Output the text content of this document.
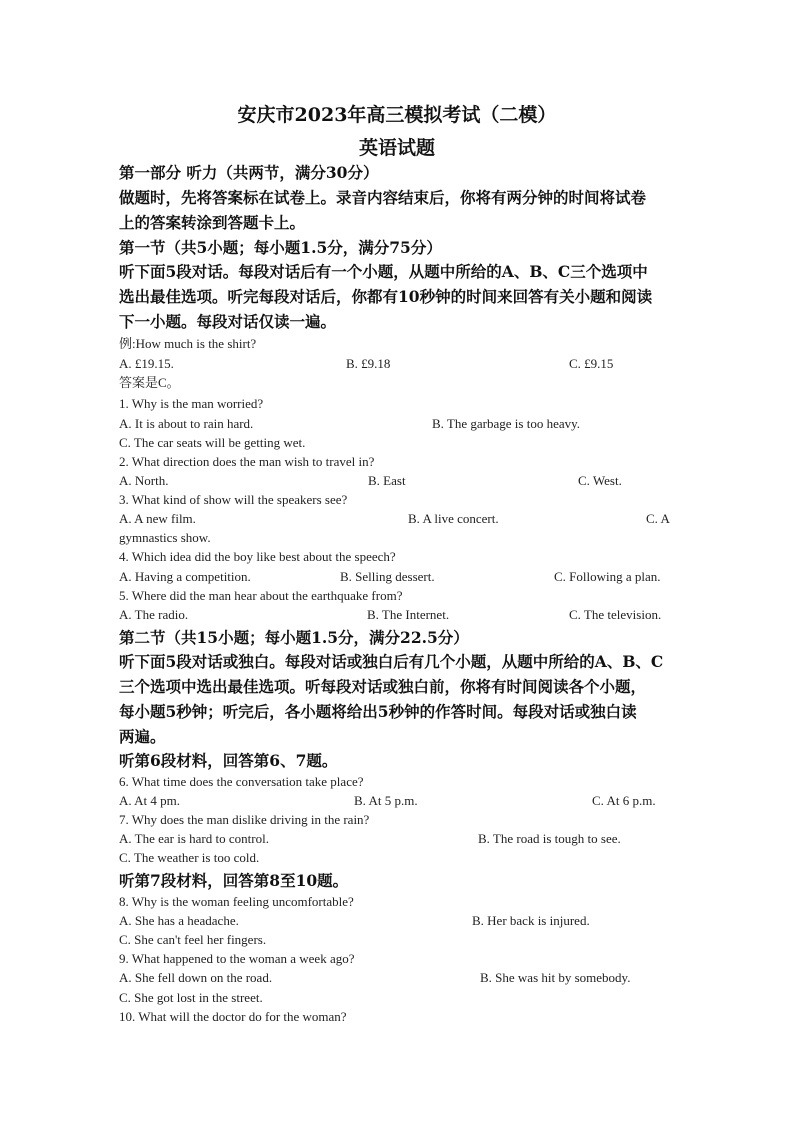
安庆市2023年高三模拟考试（二模）
英语试题
第一部分 听力（共两节，满分30分）
做题时，先将答案标在试卷上。录音内容结束后，你将有两分钟的时间将试卷
上的答案转涂到答题卡上。
第一节（共5小题；每小题1.5分，满分75分）
听下面5段对话。每段对话后有一个小题，从题中所给的A、B、C三个选项中
选出最佳选项。听完每段对话后，你都有10秒钟的时间来回答有关小题和阅读
下一小题。每段对话仅读一遍。
例:How much is the shirt?
A. £19.15.	B. £9.18	C. £9.15
答案是C。
1. Why is the man worried?
A. It is about to rain hard.	B. The garbage is too heavy.
C. The car seats will be getting wet.
2. What direction does the man wish to travel in?
A. North.	B. East	C. West.
3. What kind of show will the speakers see?
A. A new film.	B. A live concert.	C. A
gymnastics show.
4. Which idea did the boy like best about the speech?
A. Having a competition.	B. Selling dessert.	C. Following a plan.
5. Where did the man hear about the earthquake from?
A. The radio.	B. The Internet.	C. The television.
第二节（共15小题；每小题1.5分，满分22.5分）
听下面5段对话或独白。每段对话或独白后有几个小题，从题中所给的A、B、C
三个选项中选出最佳选项。听每段对话或独白前，你将有时间阅读各个小题，
每小题5秒钟；听完后，各小题将给出5秒钟的作答时间。每段对话或独白读
两遍。
听第6段材料，回答第6、7题。
6. What time does the conversation take place?
A. At 4 pm.	B. At 5 p.m.	C. At 6 p.m.
7. Why does the man dislike driving in the rain?
A. The ear is hard to control.	B. The road is tough to see.
C. The weather is too cold.
听第7段材料，回答第8至10题。
8. Why is the woman feeling uncomfortable?
A. She has a headache.	B. Her back is injured.
C. She can't feel her fingers.
9. What happened to the woman a week ago?
A. She fell down on the road.	B. She was hit by somebody.
C. She got lost in the street.
10. What will the doctor do for the woman?
